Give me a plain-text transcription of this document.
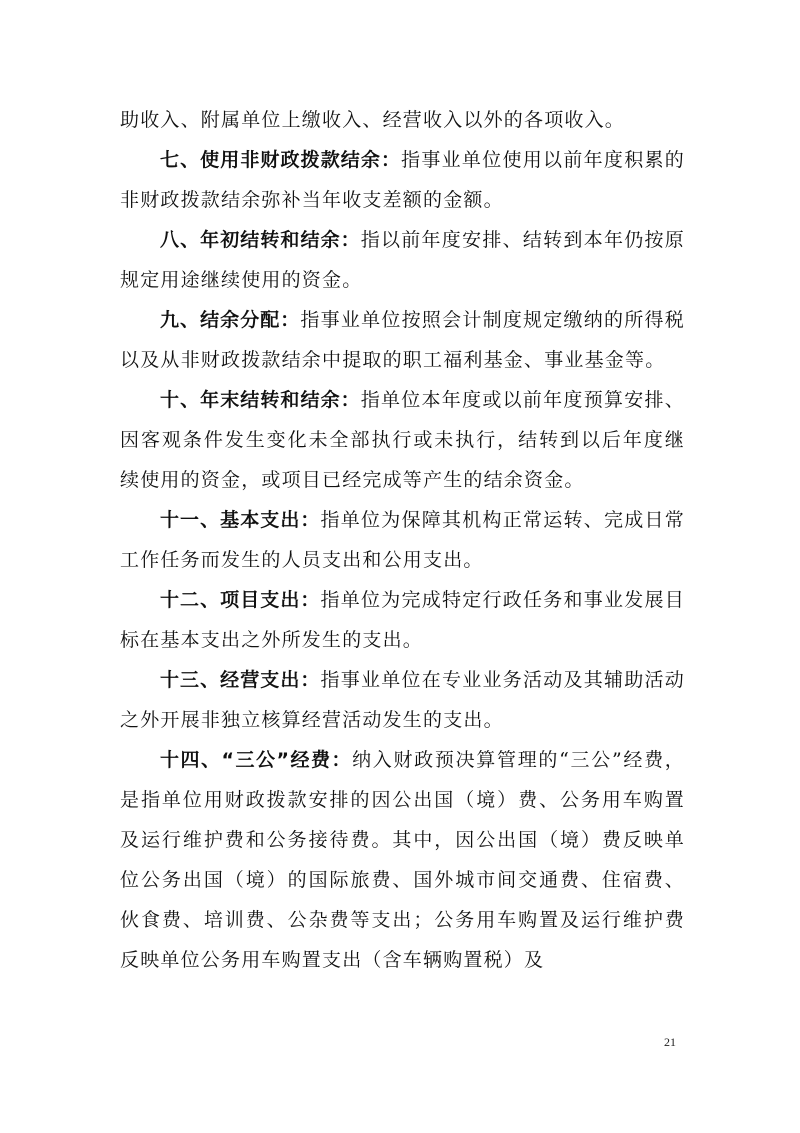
助收入、附属单位上缴收入、经营收入以外的各项收入。

七、使用非财政拨款结余：指事业单位使用以前年度积累的非财政拨款结余弥补当年收支差额的金额。

八、年初结转和结余：指以前年度安排、结转到本年仍按原规定用途继续使用的资金。

九、结余分配：指事业单位按照会计制度规定缴纳的所得税以及从非财政拨款结余中提取的职工福利基金、事业基金等。

十、年末结转和结余：指单位本年度或以前年度预算安排、因客观条件发生变化未全部执行或未执行，结转到以后年度继续使用的资金，或项目已经完成等产生的结余资金。

十一、基本支出：指单位为保障其机构正常运转、完成日常工作任务而发生的人员支出和公用支出。

十二、项目支出：指单位为完成特定行政任务和事业发展目标在基本支出之外所发生的支出。

十三、经营支出：指事业单位在专业业务活动及其辅助活动之外开展非独立核算经营活动发生的支出。

十四、“三公”经费：纳入财政预决算管理的“三公”经费，是指单位用财政拨款安排的因公出国（境）费、公务用车购置及运行维护费和公务接待费。其中，因公出国（境）费反映单位公务出国（境）的国际旅费、国外城市间交通费、住宿费、伙食费、培训费、公杂费等支出；公务用车购置及运行维护费反映单位公务用车购置支出（含车辆购置税）及

21
